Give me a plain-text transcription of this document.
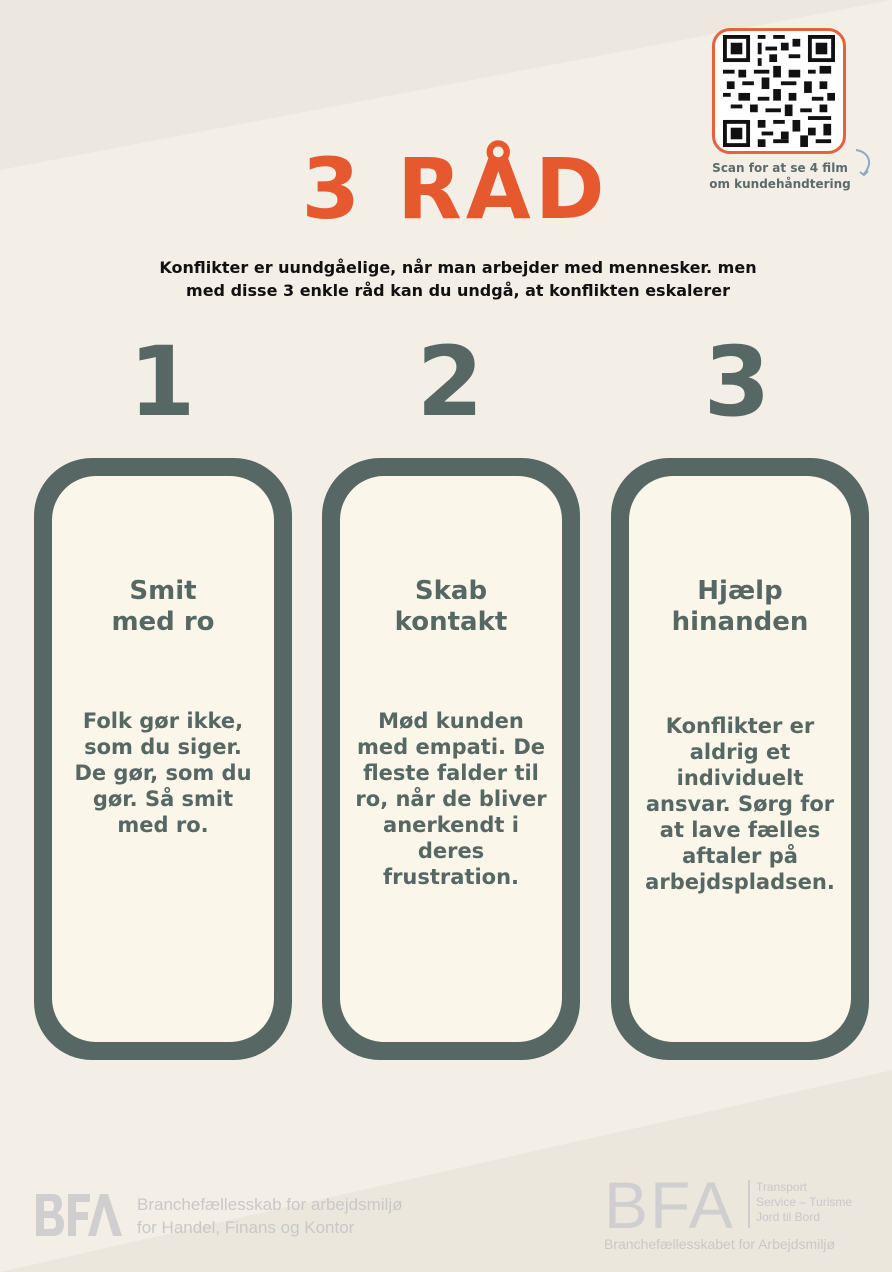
Scan for at se 4 film
om kundehåndtering
3 RÅD
Konflikter er uundgåelige, når man arbejder med mennesker. men
med disse 3 enkle råd kan du undgå, at konflikten eskalerer
1	2	3
Smit
med ro
Folk gør ikke,
som du siger.
De gør, som du
gør. Så smit
med ro.
Skab
kontakt
Mød kunden
med empati. De
fleste falder til
ro, når de bliver
anerkendt i
deres
frustration.
Hjælp
hinanden
Konflikter er
aldrig et
individuelt
ansvar. Sørg for
at lave fælles
aftaler på
arbejdspladsen.
Branchefællesskab for arbejdsmiljø
for Handel, Finans og Kontor	BFA Transport
Service – Turisme
Jord til Bord
Branchefællesskabet for Arbejdsmiljø
